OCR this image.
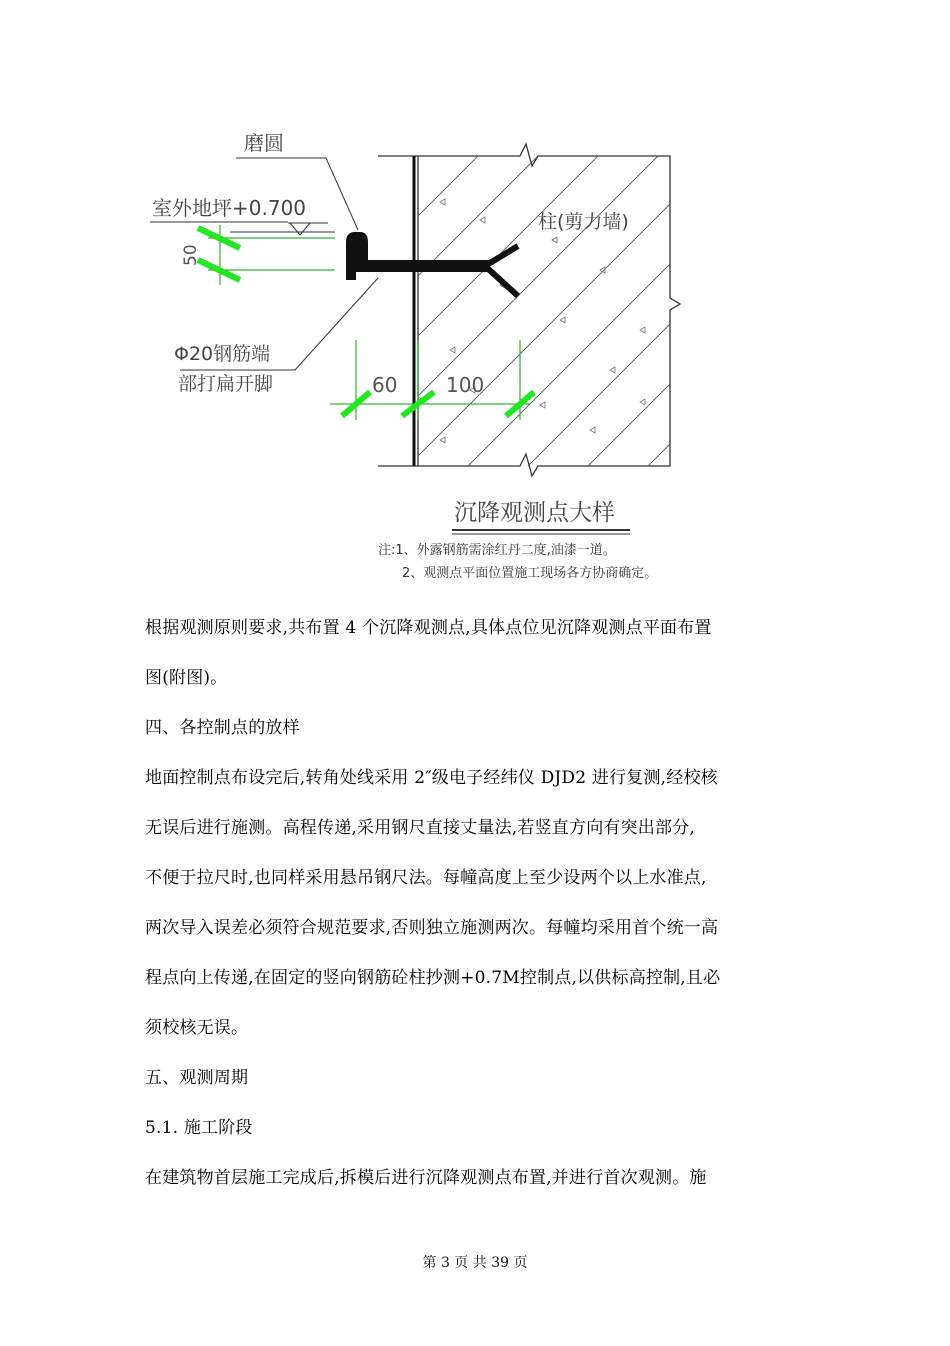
磨圆
室外地坪+0.700
柱(剪力墙)
50
60 100
Φ20钢筋端
部打扁开脚
沉降观测点大样
注:1、外露钢筋需涂红丹二度,油漆一道。
2、观测点平面位置施工现场各方协商确定。

根据观测原则要求,共布置 4 个沉降观测点,具体点位见沉降观测点平面布置

图(附图)。

四、各控制点的放样

地面控制点布设完后,转角处线采用 2″级电子经纬仪 DJD2 进行复测,经校核

无误后进行施测。高程传递,采用钢尺直接丈量法,若竖直方向有突出部分,

不便于拉尺时,也同样采用悬吊钢尺法。每幢高度上至少设两个以上水准点,

两次导入误差必须符合规范要求,否则独立施测两次。每幢均采用首个统一高

程点向上传递,在固定的竖向钢筋砼柱抄测+0.7M控制点,以供标高控制,且必

须校核无误。

五、观测周期

5.1. 施工阶段

在建筑物首层施工完成后,拆模后进行沉降观测点布置,并进行首次观测。施

第 3 页 共 39 页
